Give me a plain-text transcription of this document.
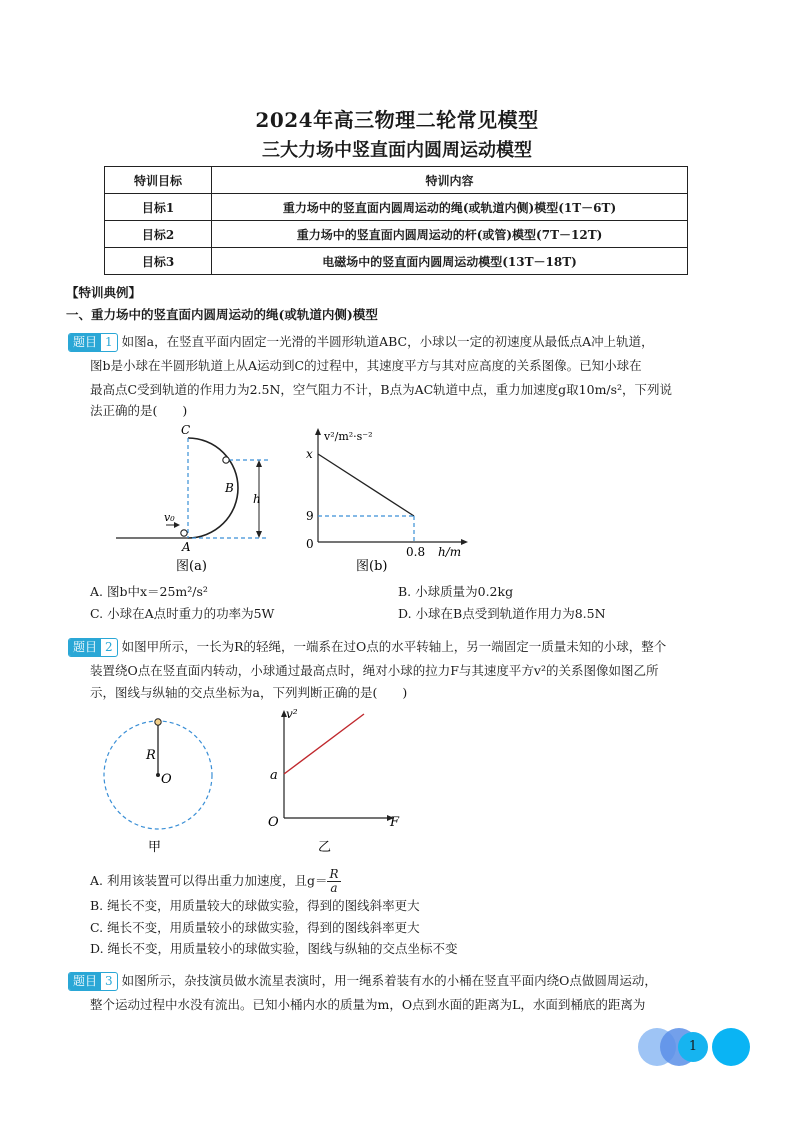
2024年高三物理二轮常见模型
三大力场中竖直面内圆周运动模型
特训目标	特训内容
目标1	重力场中的竖直面内圆周运动的绳(或轨道内侧)模型(1T－6T)
目标2	重力场中的竖直面内圆周运动的杆(或管)模型(7T－12T)
目标3	电磁场中的竖直面内圆周运动模型(13T－18T)
【特训典例】
一、重力场中的竖直面内圆周运动的绳(或轨道内侧)模型
题目 1 如图a，在竖直平面内固定一光滑的半圆形轨道ABC，小球以一定的初速度从最低点A冲上轨道，
图b是小球在半圆形轨道上从A运动到C的过程中，其速度平方与其对应高度的关系图像。已知小球在
最高点C受到轨道的作用力为2.5N，空气阻力不计，B点为AC轨道中点，重力加速度g取10m/s²，下列说
法正确的是(　　)
C
B
A
h
v₀
图(a)
v²/m²·s⁻²
x
9
0
0.8 h/m
图(b)
A. 图b中x＝25m²/s²	B. 小球质量为0.2kg
C. 小球在A点时重力的功率为5W	D. 小球在B点受到轨道作用力为8.5N
题目 2 如图甲所示，一长为R的轻绳，一端系在过O点的水平转轴上，另一端固定一质量未知的小球，整个
装置绕O点在竖直面内转动，小球通过最高点时，绳对小球的拉力F与其速度平方v²的关系图像如图乙所
示，图线与纵轴的交点坐标为a，下列判断正确的是(　　)
R
O
甲
v²
a
O	F
乙
A. 利用该装置可以得出重力加速度，且$g= \frac{R}{a}$
B. 绳长不变，用质量较大的球做实验，得到的图线斜率更大
C. 绳长不变，用质量较小的球做实验，得到的图线斜率更大
D. 绳长不变，用质量较小的球做实验，图线与纵轴的交点坐标不变
题目 3 如图所示，杂技演员做水流星表演时，用一绳系着装有水的小桶在竖直平面内绕O点做圆周运动，
整个运动过程中水没有流出。已知小桶内水的质量为m，O点到水面的距离为L，水面到桶底的距离为
1
